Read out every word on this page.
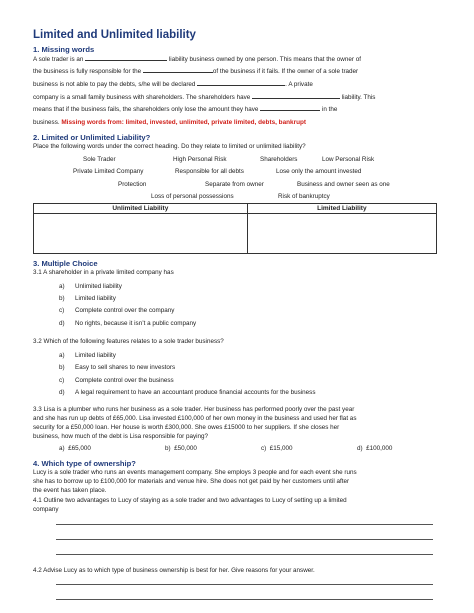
Limited and Unlimited liability
1. Missing words
A sole trader is an	liability business owned by one person. This means that the owner of
the business is fully responsible for the	of the business if it fails. If the owner of a sole trader
business is not able to pay the debts, s/he will be declared	. A private
company is a small family business with shareholders. The shareholders have	liability. This
means that if the business fails, the shareholders only lose the amount they have	in the
business. Missing words from: limited, invested, unlimited, private limited, debts, bankrupt
2. Limited or Unlimited Liability?
Place the following words under the correct heading. Do they relate to limited or unlimited liability?
Sole Trader	High Personal Risk	Shareholders	Low Personal Risk
Private Limited Company	Responsible for all debts	Lose only the amount invested
Protection	Separate from owner	Business and owner seen as one
Loss of personal possessions	Risk of bankruptcy
Unlimited Liability	Limited Liability

3. Multiple Choice
3.1 A shareholder in a private limited company has
a) Unlimited liability
b) Limited liability
c) Complete control over the company
d) No rights, because it isn’t a public company
3.2 Which of the following features relates to a sole trader business?
a) Limited liability
b) Easy to sell shares to new investors
c) Complete control over the business
d) A legal requirement to have an accountant produce financial accounts for the business
3.3 Lisa is a plumber who runs her business as a sole trader. Her business has performed poorly over the past year
and she has run up debts of £65,000. Lisa invested £100,000 of her own money in the business and used her flat as
security for a £50,000 loan. Her house is worth £300,000. She owes £15000 to her suppliers. If she closes her
business, how much of the debt is Lisa responsible for paying?
a) £65,000	b) £50,000	c) £15,000	d) £100,000
4. Which type of ownership?
Lucy is a sole trader who runs an events management company. She employs 3 people and for each event she runs
she has to borrow up to £100,000 for materials and venue hire. She does not get paid by her customers until after
the event has taken place.
4.1 Outline two advantages to Lucy of staying as a sole trader and two advantages to Lucy of setting up a limited
company
4.2 Advise Lucy as to which type of business ownership is best for her. Give reasons for your answer.
